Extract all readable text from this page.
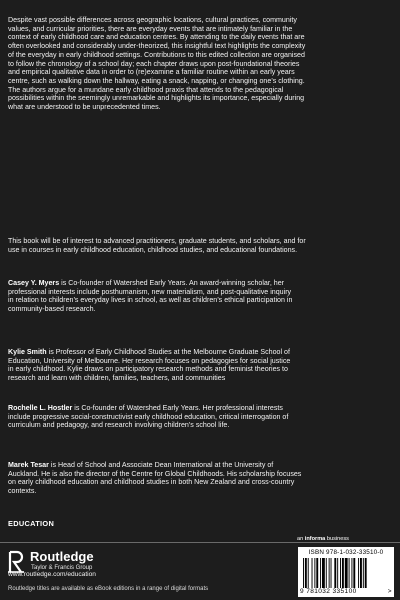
Despite vast possible differences across geographic locations, cultural practices, community
values, and curricular priorities, there are everyday events that are intimately familiar in the
context of early childhood care and education centres. By attending to the daily events that are
often overlooked and considerably under-theorized, this insightful text highlights the complexity
of the everyday in early childhood settings. Contributions to this edited collection are organised
to follow the chronology of a school day; each chapter draws upon post-foundational theories
and empirical qualitative data in order to (re)examine a familiar routine within an early years
centre, such as walking down the hallway, eating a snack, napping, or changing one’s clothing.
The authors argue for a mundane early childhood praxis that attends to the pedagogical
possibilities within the seemingly unremarkable and highlights its importance, especially during
what are understood to be unprecedented times.

This book will be of interest to advanced practitioners, graduate students, and scholars, and for
use in courses in early childhood education, childhood studies, and educational foundations.

Casey Y. Myers is Co-founder of Watershed Early Years. An award-winning scholar, her
professional interests include posthumanism, new materialism, and post-qualitative inquiry
in relation to children’s everyday lives in school, as well as children’s ethical participation in
community-based research.

Kylie Smith is Professor of Early Childhood Studies at the Melbourne Graduate School of
Education, University of Melbourne. Her research focuses on pedagogies for social justice
in early childhood. Kylie draws on participatory research methods and feminist theories to
research and learn with children, families, teachers, and communities

Rochelle L. Hostler is Co-founder of Watershed Early Years. Her professional interests
include progressive social-constructivist early childhood education, critical interrogation of
curriculum and pedagogy, and research involving children’s school life.

Marek Tesar is Head of School and Associate Dean International at the University of
Auckland. He is also the director of the Centre for Global Childhoods. His scholarship focuses
on early childhood education and childhood studies in both New Zealand and cross-country
contexts.

EDUCATION

Routledge
Taylor & Francis Group

www.routledge.com/education

Routledge titles are available as eBook editions in a range of digital formats

an informa business
ISBN 978-1-032-33510-0
9 781032 335100	>
